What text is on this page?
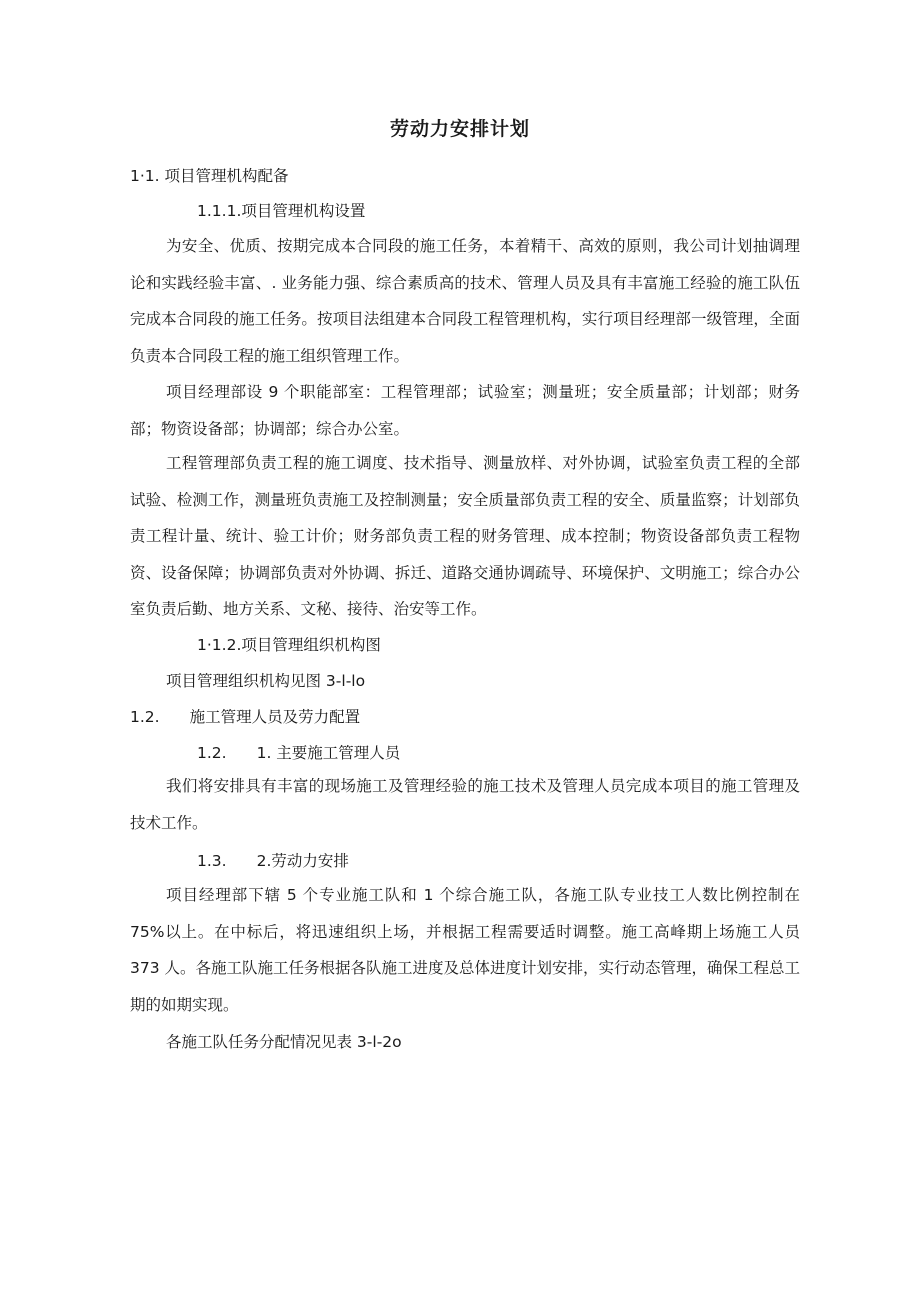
劳动力安排计划
1·1. 项目管理机构配备
1.1.1.项目管理机构设置

为安全、优质、按期完成本合同段的施工任务，本着精干、高效的原则，我公司计划抽调理论和实践经验丰富、. 业务能力强、综合素质高的技术、管理人员及具有丰富施工经验的施工队伍完成本合同段的施工任务。按项目法组建本合同段工程管理机构，实行项目经理部一级管理，全面负责本合同段工程的施工组织管理工作。

项目经理部设 9 个职能部室：工程管理部；试验室；测量班；安全质量部；计划部；财务部；物资设备部；协调部；综合办公室。

工程管理部负责工程的施工调度、技术指导、测量放样、对外协调，试验室负责工程的全部试验、检测工作，测量班负责施工及控制测量；安全质量部负责工程的安全、质量监察；计划部负责工程计量、统计、验工计价；财务部负责工程的财务管理、成本控制；物资设备部负责工程物资、设备保障；协调部负责对外协调、拆迁、道路交通协调疏导、环境保护、文明施工；综合办公室负责后勤、地方关系、文秘、接待、治安等工作。

1·1.2.项目管理组织机构图
项目管理组织机构见图 3-l-lo
1.2. 施工管理人员及劳力配置
1.2. 1. 主要施工管理人员

我们将安排具有丰富的现场施工及管理经验的施工技术及管理人员完成本项目的施工管理及技术工作。

1.3. 2.劳动力安排

项目经理部下辖 5 个专业施工队和 1 个综合施工队，各施工队专业技工人数比例控制在 75%以上。在中标后，将迅速组织上场，并根据工程需要适时调整。施工高峰期上场施工人员 373 人。各施工队施工任务根据各队施工进度及总体进度计划安排，实行动态管理，确保工程总工期的如期实现。

各施工队任务分配情况见表 3-l-2o
